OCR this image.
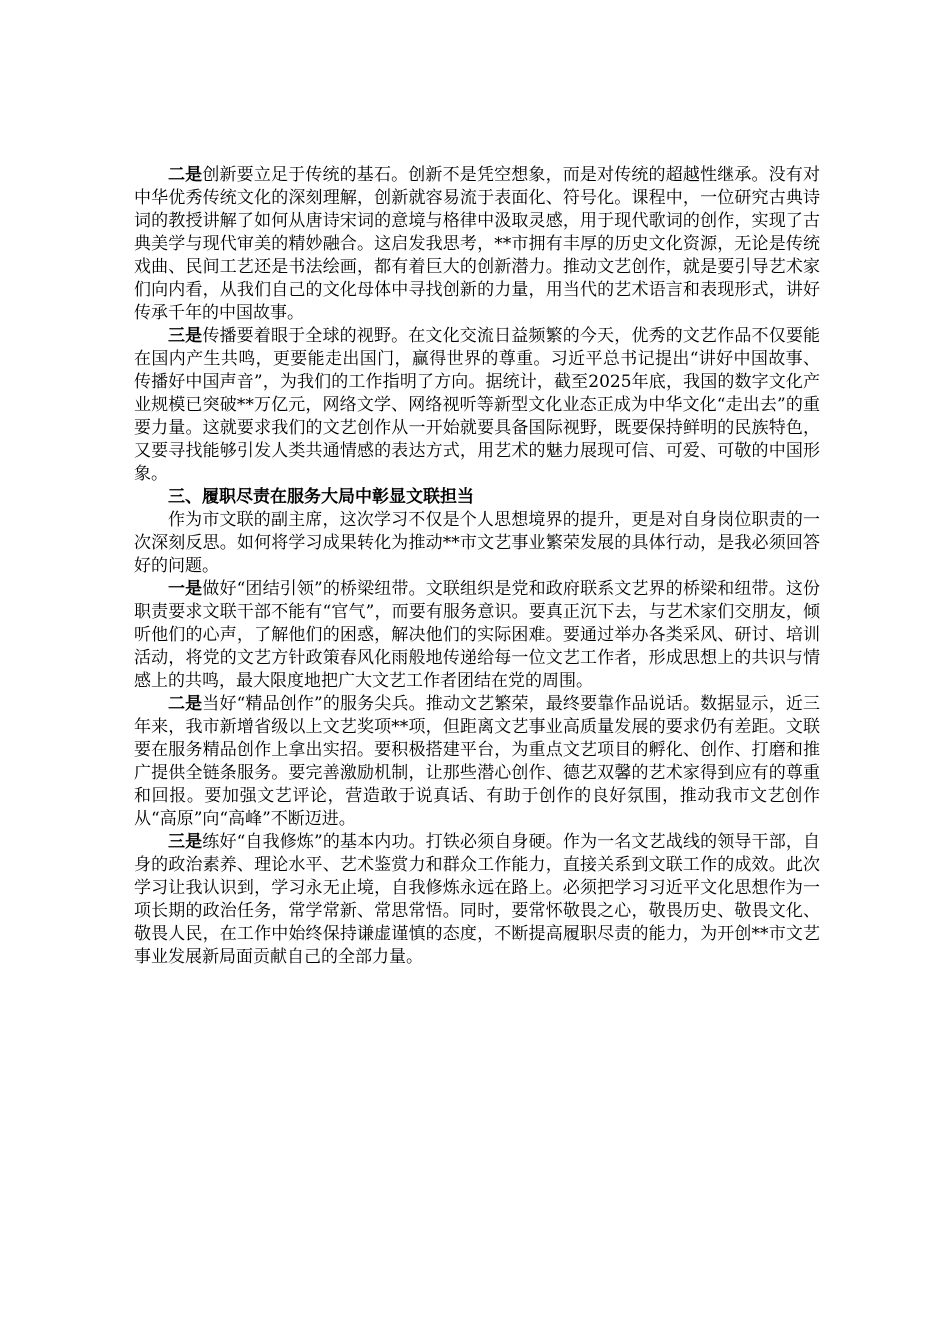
二是创新要立足于传统的基石。创新不是凭空想象，而是对传统的超越性继承。没有对中华优秀传统文化的深刻理解，创新就容易流于表面化、符号化。课程中，一位研究古典诗词的教授讲解了如何从唐诗宋词的意境与格律中汲取灵感，用于现代歌词的创作，实现了古典美学与现代审美的精妙融合。这启发我思考，**市拥有丰厚的历史文化资源，无论是传统戏曲、民间工艺还是书法绘画，都有着巨大的创新潜力。推动文艺创作，就是要引导艺术家们向内看，从我们自己的文化母体中寻找创新的力量，用当代的艺术语言和表现形式，讲好传承千年的中国故事。

三是传播要着眼于全球的视野。在文化交流日益频繁的今天，优秀的文艺作品不仅要能在国内产生共鸣，更要能走出国门，赢得世界的尊重。习近平总书记提出“讲好中国故事、传播好中国声音”，为我们的工作指明了方向。据统计，截至2025年底，我国的数字文化产业规模已突破**万亿元，网络文学、网络视听等新型文化业态正成为中华文化“走出去”的重要力量。这就要求我们的文艺创作从一开始就要具备国际视野，既要保持鲜明的民族特色，又要寻找能够引发人类共通情感的表达方式，用艺术的魅力展现可信、可爱、可敬的中国形象。

三、履职尽责在服务大局中彰显文联担当

作为市文联的副主席，这次学习不仅是个人思想境界的提升，更是对自身岗位职责的一次深刻反思。如何将学习成果转化为推动**市文艺事业繁荣发展的具体行动，是我必须回答好的问题。

一是做好“团结引领”的桥梁纽带。文联组织是党和政府联系文艺界的桥梁和纽带。这份职责要求文联干部不能有“官气”，而要有服务意识。要真正沉下去，与艺术家们交朋友，倾听他们的心声，了解他们的困惑，解决他们的实际困难。要通过举办各类采风、研讨、培训活动，将党的文艺方针政策春风化雨般地传递给每一位文艺工作者，形成思想上的共识与情感上的共鸣，最大限度地把广大文艺工作者团结在党的周围。

二是当好“精品创作”的服务尖兵。推动文艺繁荣，最终要靠作品说话。数据显示，近三年来，我市新增省级以上文艺奖项**项，但距离文艺事业高质量发展的要求仍有差距。文联要在服务精品创作上拿出实招。要积极搭建平台，为重点文艺项目的孵化、创作、打磨和推广提供全链条服务。要完善激励机制，让那些潜心创作、德艺双馨的艺术家得到应有的尊重和回报。要加强文艺评论，营造敢于说真话、有助于创作的良好氛围，推动我市文艺创作从“高原”向“高峰”不断迈进。

三是练好“自我修炼”的基本内功。打铁必须自身硬。作为一名文艺战线的领导干部，自身的政治素养、理论水平、艺术鉴赏力和群众工作能力，直接关系到文联工作的成效。此次学习让我认识到，学习永无止境，自我修炼永远在路上。必须把学习习近平文化思想作为一项长期的政治任务，常学常新、常思常悟。同时，要常怀敬畏之心，敬畏历史、敬畏文化、敬畏人民，在工作中始终保持谦虚谨慎的态度，不断提高履职尽责的能力，为开创**市文艺事业发展新局面贡献自己的全部力量。
